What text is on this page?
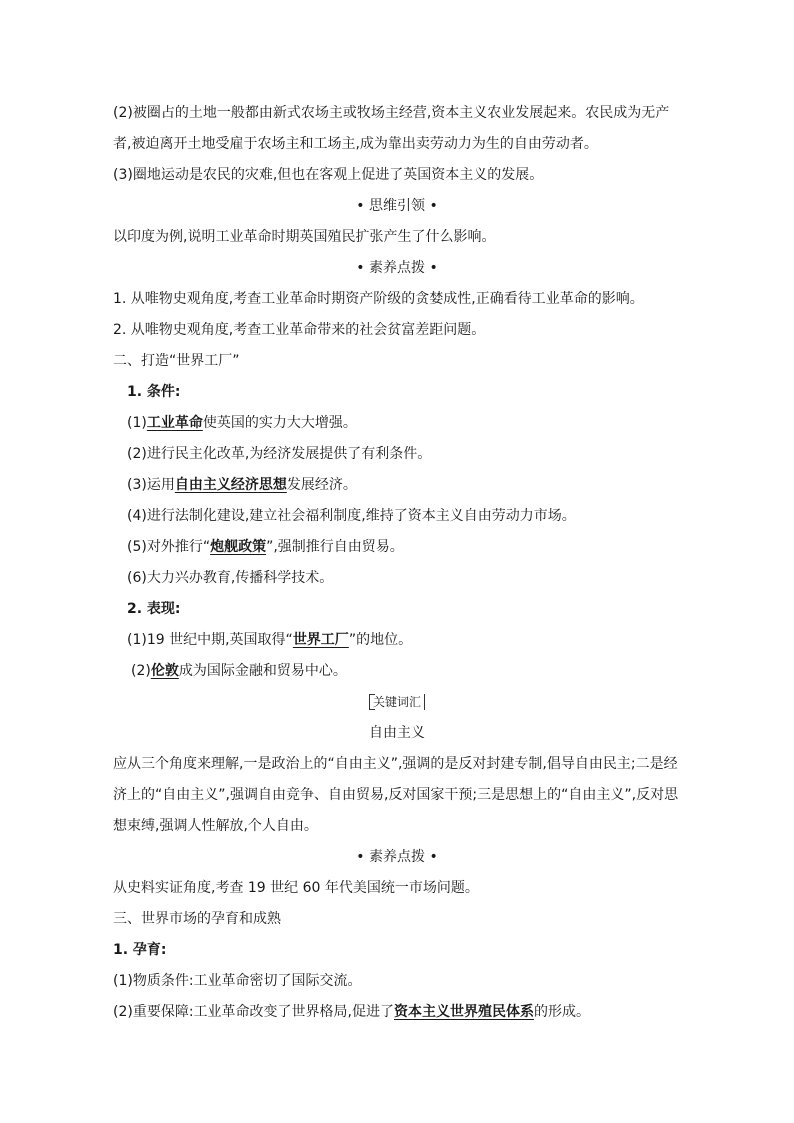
(2)被圈占的土地一般都由新式农场主或牧场主经营,资本主义农业发展起来。农民成为无产
者,被迫离开土地受雇于农场主和工场主,成为靠出卖劳动力为生的自由劳动者。
(3)圈地运动是农民的灾难,但也在客观上促进了英国资本主义的发展。
• 思维引领 •
以印度为例,说明工业革命时期英国殖民扩张产生了什么影响。
• 素养点拨 •
1. 从唯物史观角度,考查工业革命时期资产阶级的贪婪成性,正确看待工业革命的影响。
2. 从唯物史观角度,考查工业革命带来的社会贫富差距问题。
二、打造“世界工厂”
1. 条件:
(1)工业革命使英国的实力大大增强。
(2)进行民主化改革,为经济发展提供了有利条件。
(3)运用自由主义经济思想发展经济。
(4)进行法制化建设,建立社会福利制度,维持了资本主义自由劳动力市场。
(5)对外推行“炮舰政策”,强制推行自由贸易。
(6)大力兴办教育,传播科学技术。
2. 表现:
(1)19 世纪中期,英国取得“世界工厂”的地位。
(2)伦敦成为国际金融和贸易中心。
关键词汇
自由主义
应从三个角度来理解,一是政治上的“自由主义”,强调的是反对封建专制,倡导自由民主;二是经济上的“自由主义”,强调自由竞争、自由贸易,反对国家干预;三是思想上的“自由主义”,反对思想束缚,强调人性解放,个人自由。
• 素养点拨 •
从史料实证角度,考查 19 世纪 60 年代美国统一市场问题。
三、世界市场的孕育和成熟
1. 孕育:
(1)物质条件:工业革命密切了国际交流。
(2)重要保障:工业革命改变了世界格局,促进了资本主义世界殖民体系的形成。
